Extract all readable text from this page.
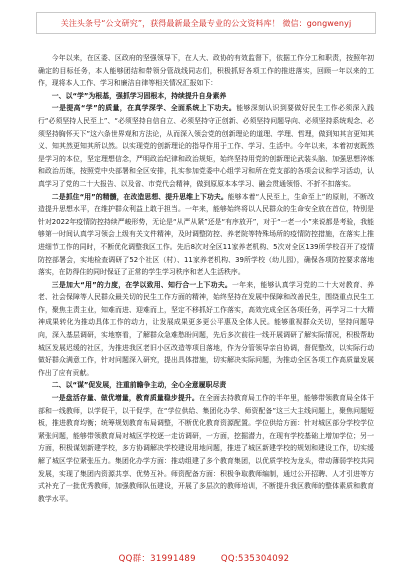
关注头条号“公文研究”，获得最新最全最专业的公文资料库！ 微信：gongwenyj

今年以来，在区委、区政府的坚强领导下，在人大、政协的有效监督下，依据工作分工和职责，按照年初确定的目标任务，本人能够团结和带领分管战线同志们，积极抓好各项工作的推进落实，回顾一年以来的工作，现将本人工作、学习和廉洁自律等相关情况汇报如下：

一、以“学”为根基，强抓学习固根本，持续提升自身素养

一是提高“学”的质量，在真学深学、全面系统上下功夫。能够深刻认识到要做好民生工作必须深入践行“必须坚持人民至上”、“必须坚持自信自立、必须坚持守正创新、必须坚持问题导向、必须坚持系统观念、必须坚持胸怀天下”这六条世界观和方法论，从而深入领会党的创新理论的道理、学理、哲理，做到知其言更知其义、知其然更知其所以然。以实现党的创新理论的指导作用于工作、学习、生活中。今年以来，本着初衷既然是学习的本位，坚定理想信念，严明政治纪律和政治规矩，始终坚持用党的创新理论武装头脑、加强思想淬炼和政治历练，按照党中央部署和全区安排，扎实参加党委中心组学习和所在党支部的各项会议和学习活动，认真学习了党的二十大报告、以及省、市党代会精神，做到原原本本学习、融会贯通领悟、不折不扣落实。

二是抓住“用”的精髓，在改造思想、提升思维上下功夫。能够本着“人民至上，生命至上”的原则，不断改造提升思想水平，在维护群众利益上敢于担当。一年来，能够始终将以人民群众的生命安全放在首位，特别是针对2022年疫情防控持续严峻形势，无论是“从严从紧”还是“有序放开”，对于“一老一小”来说都是考验，我能够第一时间认真学习领会上级有关文件精神，及时调整防控、养老院等特殊场所的疫情防控措施，在落实上推进细节工作的同时，不断优化调整我区工作。先后8次对全区11家养老机构、5次对全区139所学校召开了疫情防控部署会，实地检查调研了52个社区（村）、11家养老机构、39所学校（幼儿园），确保各项防控要求落地落实，在防得住的同时保证了正常的学生学习秩序和老人生活秩序。

三是加大“用”的力度，在学以致用、知行合一上下功夫。一年来，能够认真学习党的二十大对教育、养老、社会保障等人民群众最关切的民生工作方面的精神，始终坚持在发展中保障和改善民生，围绕重点民生工作，聚焦主责主业，知难而进、迎难而上，坚定不移抓好工作落实，高效完成全区各项任务，再学习二十大精神成果转化为推动具体工作的动力，让发展成果更多更公平惠及全体人民。能够重视群众关切，坚持问题导向，深入基层调研，实地察看，了解群众急难愁盼问题，先后多次前往一线开展调研了解实际情况，积极帮助城区发展迟缓的社区，为推进我区老旧小区改造等项目落地，作为分管领导亲自协调，督促整改，以实际行动做好群众满意工作，针对问题深入研究，提出具体措施，切实解决实际问题，为推动全区各项工作高质量发展作出了应有贡献。

二、以“谋”促发展，注重前瞻争主动，全心全意履职尽责

一是盘活存量、做优增量，教育质量稳步提升。在全面去持教育局工作的半年里，能够带领教育局全体干部和一线教师，以学促干，以干促学，在“学位供给、集团化办学、师资配备”这三大主线问题上，聚焦问题短板，推进教育均衡；统筹规划教育布局调整，不断优化教育资源配置。学位供给方面：针对城区部分学校学位紧张问题，能够带领教育局对城区学校逐一走访调研，一方面，挖掘潜力，在现有学校基础上增加学位；另一方面，积极谋划新建学校，多方协调解决学校建设用地问题，推进了城区新建学校的规划和建设工作，切实缓解了城区学位紧张压力。集团化办学方面：推动组建了多个教育集团，以优质学校为龙头，带动薄弱学校共同发展，实现了集团内资源共享、优势互补。师资配备方面：积极争取教师编制，通过公开招聘、人才引进等方式补充了一批优秀教师，加强教师队伍建设，开展了多层次的教师培训，不断提升我区教师的整体素质和教育教学水平。

QQ群：31991489	QQ:535304092
